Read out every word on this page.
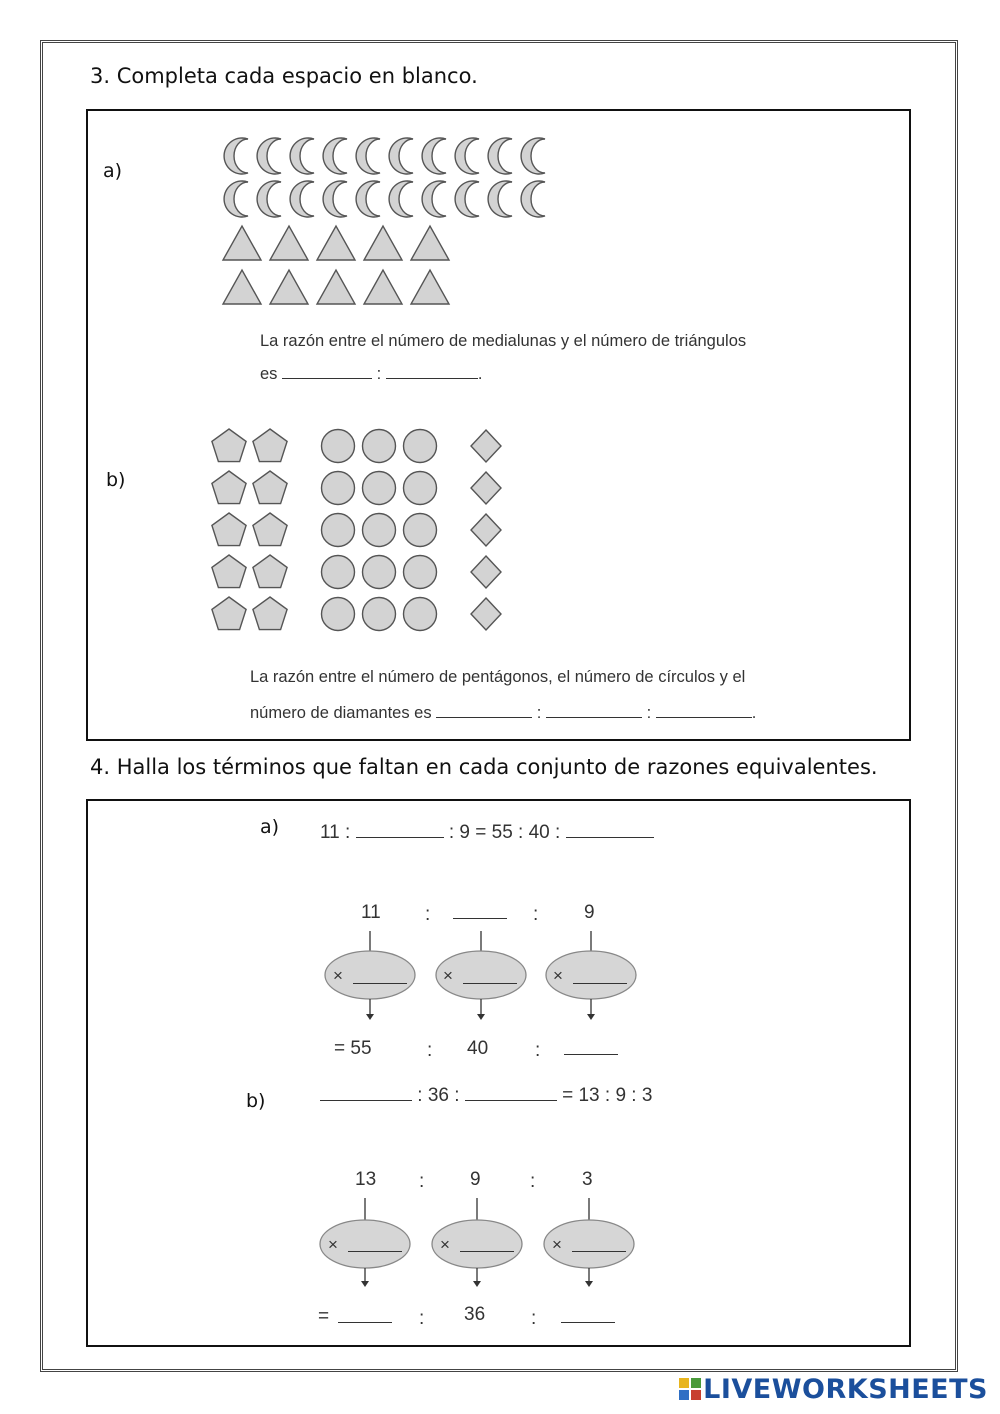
3. Completa cada espacio en blanco.
a)
La razón entre el número de medialunas y el número de triángulos
es	:	.
b)
La razón entre el número de pentágonos, el número de círculos y el
número de diamantes es	:	:	.
4. Halla los términos que faltan en cada conjunto de razones equivalentes.
a) 11 :	: 9 = 55 : 40 :
11 :	: 9
×	×	×
= 55	: 40 :
b)	: 36 :	= 13 : 9 : 3
13 : 9	: 3
×	×	×
=	: 36 :
LIVEWORKSHEETS
